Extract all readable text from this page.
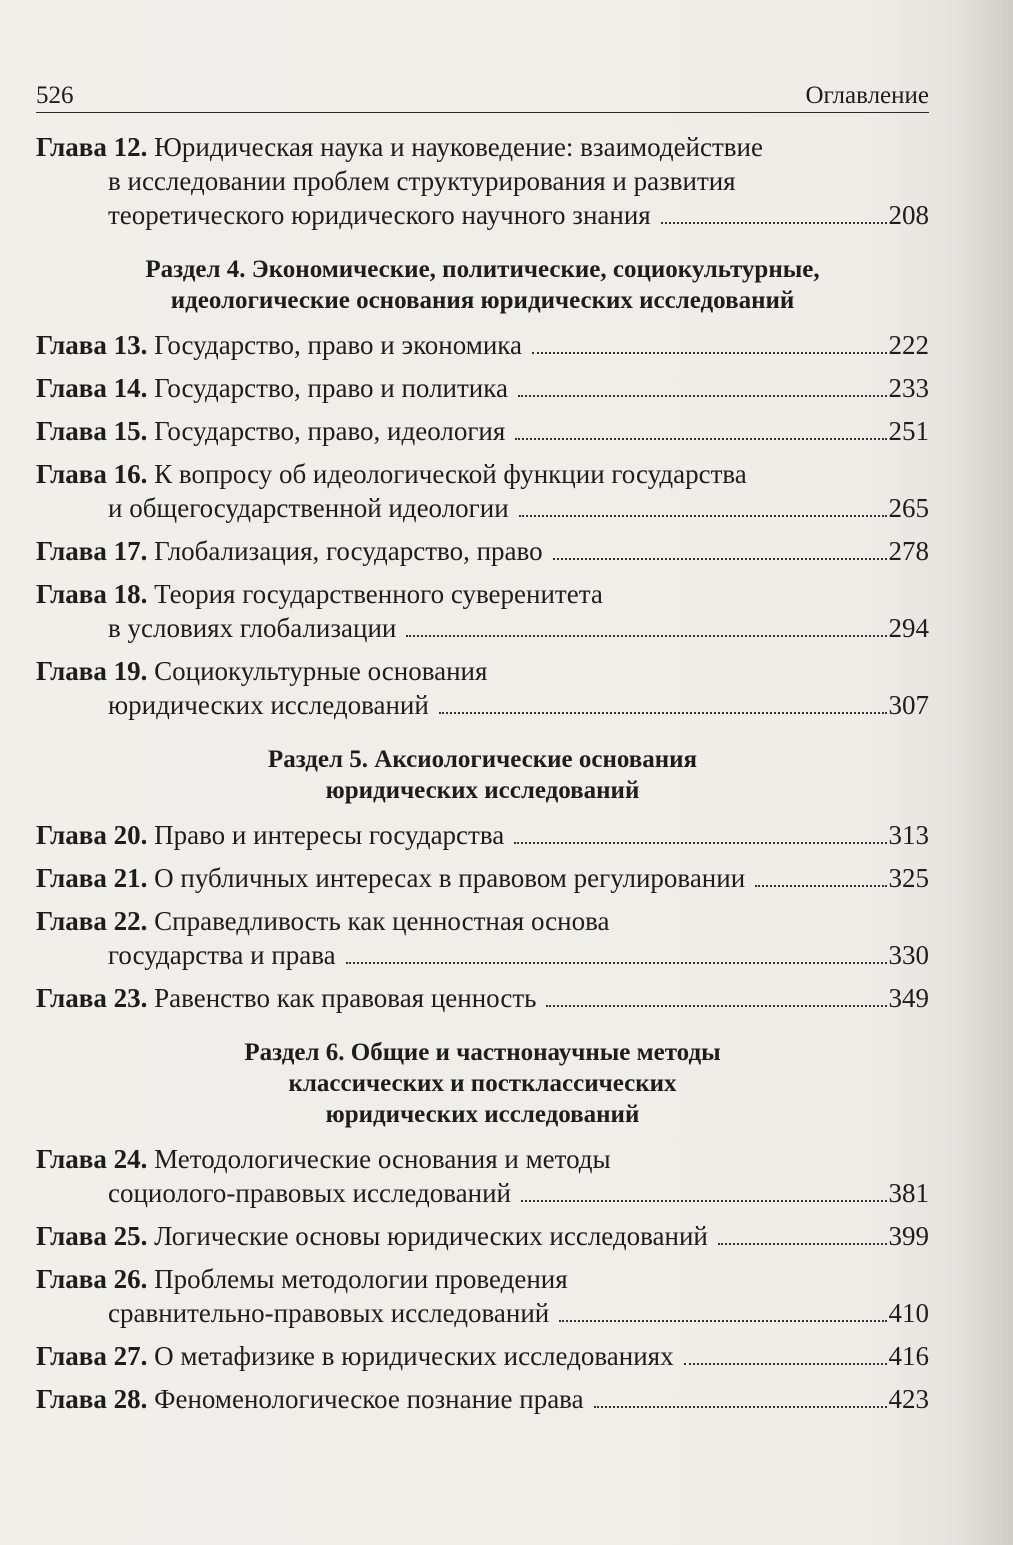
526	Оглавление
Глава 12.
Юридическая наука и науковедение: взаимодействие
в исследовании проблем структурирования и развития
теоретического юридического научного знания	208
Раздел 4. Экономические, политические, социокультурные,
идеологические основания юридических исследований
Глава 13.
Государство, право и экономика	222
Глава 14.
Государство, право и политика	233
Глава 15.
Государство, право, идеология	251
Глава 16.
К вопросу об идеологической функции государства
и общегосударственной идеологии	265
Глава 17.
Глобализация, государство, право	278
Глава 18.
Теория государственного суверенитета
в условиях глобализации	294
Глава 19.
Социокультурные основания
юридических исследований	307
Раздел 5. Аксиологические основания
юридических исследований
Глава 20.
Право и интересы государства	313
Глава 21.
О публичных интересах в правовом регулировании	325
Глава 22.
Справедливость как ценностная основа
государства и права	330
Глава 23.
Равенство как правовая ценность	349
Раздел 6. Общие и частнонаучные методы
классических и постклассических
юридических исследований
Глава 24.
Методологические основания и методы
социолого-правовых исследований	381
Глава 25.
Логические основы юридических исследований	399
Глава 26.
Проблемы методологии проведения
сравнительно-правовых исследований	410
Глава 27.
О метафизике в юридических исследованиях	416
Глава 28.
Феноменологическое познание права	423
